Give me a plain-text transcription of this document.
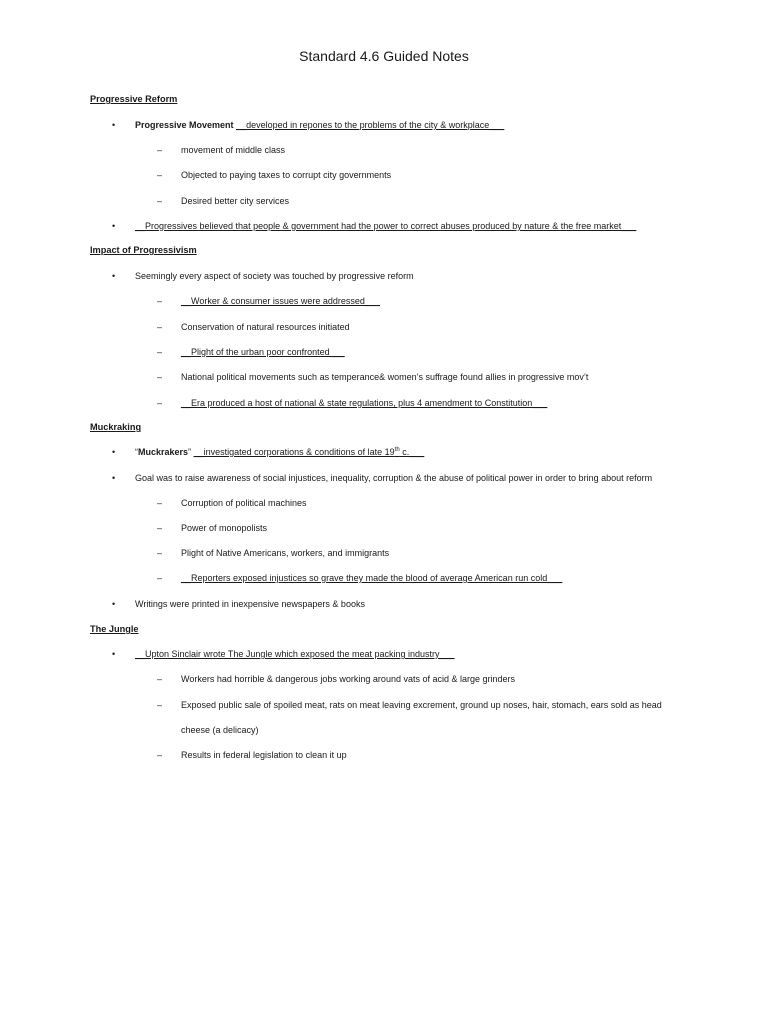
Standard 4.6 Guided Notes

Progressive Reform

• Progressive Movement __developed in repones to the problems of the city & workplace___

– movement of middle class

– Objected to paying taxes to corrupt city governments

– Desired better city services

• __Progressives believed that people & government had the power to correct abuses produced by nature & the free market___

Impact of Progressivism

• Seemingly every aspect of society was touched by progressive reform

– __Worker & consumer issues were addressed___

– Conservation of natural resources initiated

– __Plight of the urban poor confronted___

– National political movements such as temperance& women’s suffrage found allies in progressive mov’t

– __Era produced a host of national & state regulations, plus 4 amendment to Constitution___

Muckraking

• “Muckrakers” __investigated corporations & conditions of late 19th c.___

• Goal was to raise awareness of social injustices, inequality, corruption & the abuse of political power in order to bring about reform

– Corruption of political machines

– Power of monopolists

– Plight of Native Americans, workers, and immigrants

– __Reporters exposed injustices so grave they made the blood of average American run cold___

• Writings were printed in inexpensive newspapers & books

The Jungle

• __Upton Sinclair wrote The Jungle which exposed the meat packing industry___

– Workers had horrible & dangerous jobs working around vats of acid & large grinders

– Exposed public sale of spoiled meat, rats on meat leaving excrement, ground up noses, hair, stomach, ears sold as head

cheese (a delicacy)

– Results in federal legislation to clean it up
